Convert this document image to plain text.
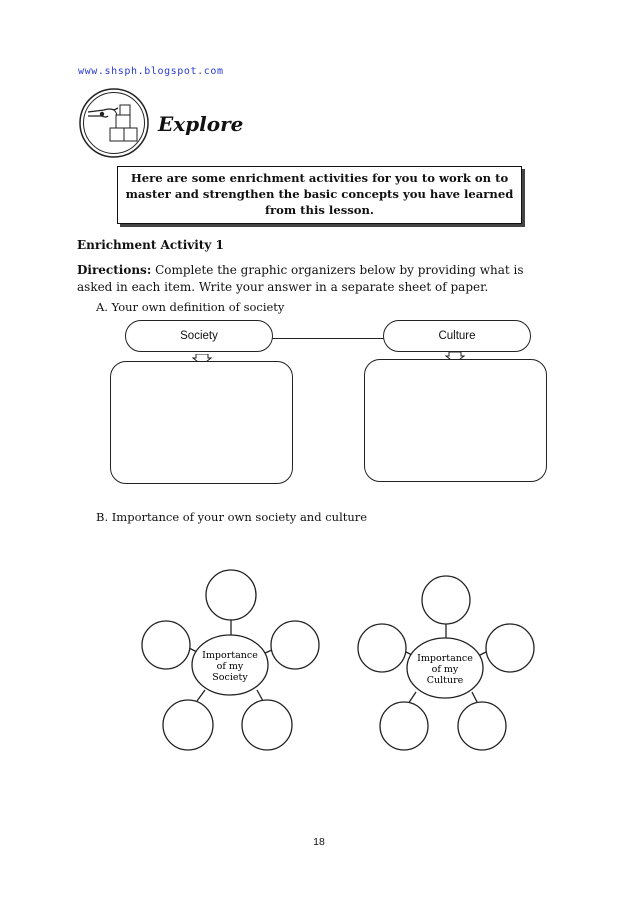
www.shsph.blogspot.com
Explore
Here are some enrichment activities for you to work on to master and strengthen the basic concepts you have learned from this lesson.
Enrichment Activity 1
Directions: Complete the graphic organizers below by providing what is asked in each item. Write your answer in a separate sheet of paper.
A. Your own definition of society
Society	Culture
B. Importance of your own society and culture
Importance
of my
Society
Importance
of my
Culture
18
